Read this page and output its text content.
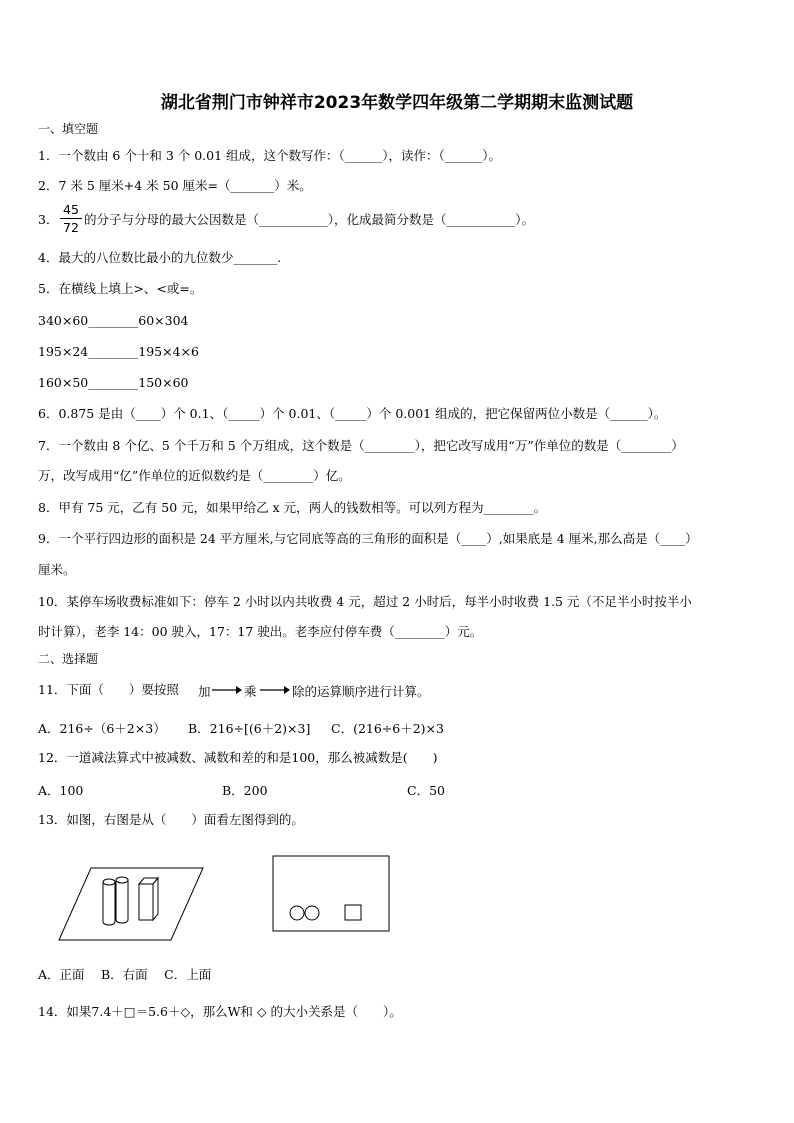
湖北省荆门市钟祥市2023年数学四年级第二学期期末监测试题
一、填空题
1．一个数由 6 个十和 3 个 0.01 组成，这个数写作：（______），读作：（______）。
2．7 米 5 厘米+4 米 50 厘米=（_______）米。
3． $\frac{45}{72}$ 的分子与分母的最大公因数是（___________），化成最简分数是（___________）。
4．最大的八位数比最小的九位数少_______.
5．在横线上填上>、<或=。
340×60________60×304
195×24________195×4×6
160×50________150×60
6．0.875 是由（____）个 0.1、（_____）个 0.01、（_____）个 0.001 组成的，把它保留两位小数是（______）。
7．一个数由 8 个亿、5 个千万和 5 个万组成，这个数是（________），把它改写成用“万”作单位的数是（________）
万，改写成用“亿”作单位的近似数约是（________）亿。
8．甲有 75 元，乙有 50 元，如果甲给乙 x 元，两人的钱数相等。可以列方程为________。
9．一个平行四边形的面积是 24 平方厘米,与它同底等高的三角形的面积是（____）,如果底是 4 厘米,那么高是（____）
厘米。
10．某停车场收费标准如下：停车 2 小时以内共收费 4 元，超过 2 小时后，每半小时收费 1.5 元（不足半小时按半小
时计算），老李 14：00 驶入，17：17 驶出。老李应付停车费（________）元。
二、选择题
11．下面（　　）要按照 加	乘	除的运算顺序进行计算。
A．216÷（6＋2×3） B．216÷[(6＋2)×3] C．(216÷6＋2)×3
12．一道减法算式中被减数、减数和差的和是100，那么被减数是(　　)
A．100	B．200	C．50
13．如图，右图是从（　　）面看左图得到的。
A．正面　 B．右面　 C．上面
14．如果7.4＋□＝5.6＋◇，那么W和 ◇ 的大小关系是（　　）。
